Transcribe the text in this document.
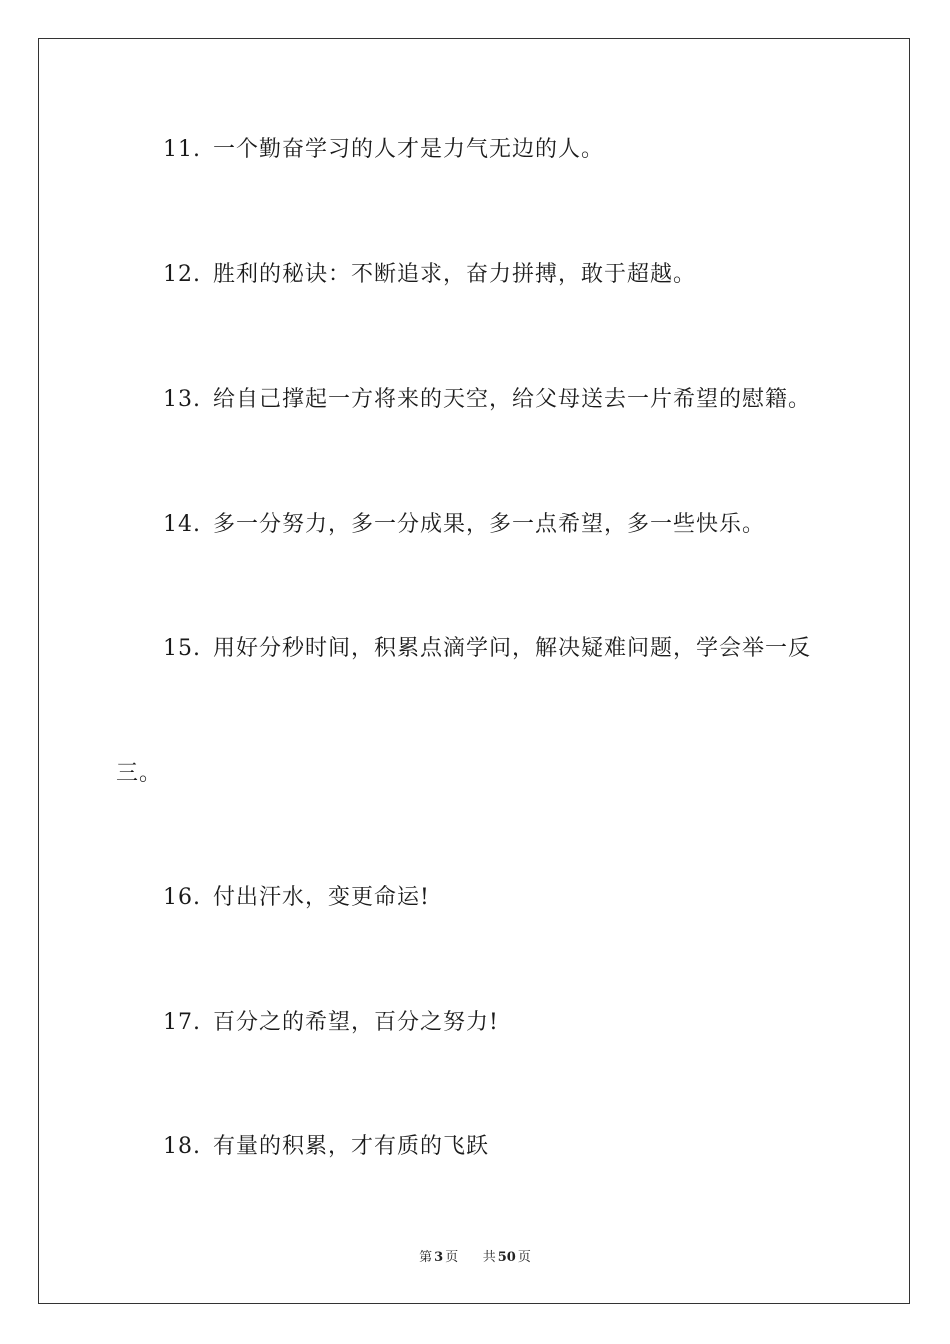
11. 一个勤奋学习的人才是力气无边的人。
12. 胜利的秘诀：不断追求，奋力拼搏，敢于超越。
13. 给自己撑起一方将来的天空，给父母送去一片希望的慰籍。
14. 多一分努力，多一分成果，多一点希望，多一些快乐。
15. 用好分秒时间，积累点滴学问，解决疑难问题，学会举一反
三。
16. 付出汗水，变更命运!
17. 百分之的希望，百分之努力!
18. 有量的积累，才有质的飞跃
第 3 页 共 50 页
